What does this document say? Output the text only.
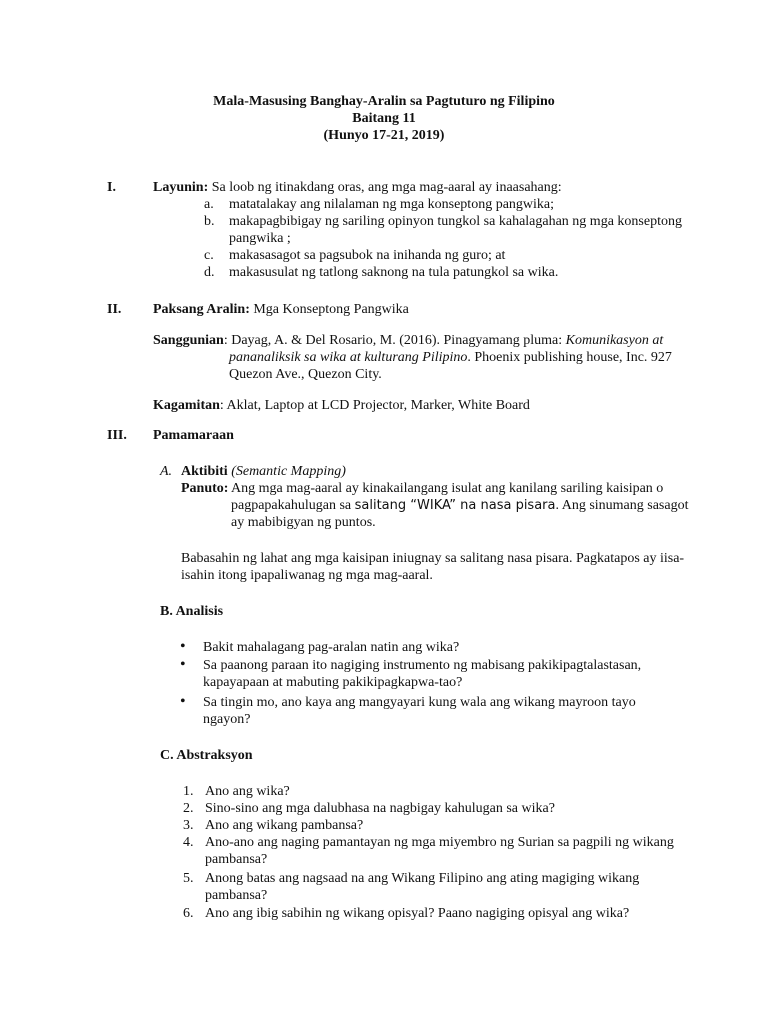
Mala-Masusing Banghay-Aralin sa Pagtuturo ng Filipino
Baitang 11
(Hunyo 17-21, 2019)
I.	Layunin: Sa loob ng itinakdang oras, ang mga mag-aaral ay inaasahang:
a. matatalakay ang nilalaman ng mga konseptong pangwika;
b. makapagbibigay ng sariling opinyon tungkol sa kahalagahan ng mga konseptong
pangwika ;
c. makasasagot sa pagsubok na inihanda ng guro; at
d. makasusulat ng tatlong saknong na tula patungkol sa wika.
II. Paksang Aralin: Mga Konseptong Pangwika
Sanggunian: Dayag, A. & Del Rosario, M. (2016). Pinagyamang pluma: Komunikasyon at
pananaliksik sa wika at kulturang Pilipino. Phoenix publishing house, Inc. 927
Quezon Ave., Quezon City.
Kagamitan: Aklat, Laptop at LCD Projector, Marker, White Board
III. Pamamaraan
A. Aktibiti (Semantic Mapping)
Panuto: Ang mga mag-aaral ay kinakailangang isulat ang kanilang sariling kaisipan o
pagpapakahulugan sa salitang “WIKA” na nasa pisara. Ang sinumang sasagot
ay mabibigyan ng puntos.
Babasahin ng lahat ang mga kaisipan iniugnay sa salitang nasa pisara. Pagkatapos ay iisa-
isahin itong ipapaliwanag ng mga mag-aaral.
B. Analisis
• Bakit mahalagang pag-aralan natin ang wika?
• Sa paanong paraan ito nagiging instrumento ng mabisang pakikipagtalastasan,
kapayapaan at mabuting pakikipagkapwa-tao?
• Sa tingin mo, ano kaya ang mangyayari kung wala ang wikang mayroon tayo
ngayon?
C. Abstraksyon
1. Ano ang wika?
2. Sino-sino ang mga dalubhasa na nagbigay kahulugan sa wika?
3. Ano ang wikang pambansa?
4. Ano-ano ang naging pamantayan ng mga miyembro ng Surian sa pagpili ng wikang
pambansa?
5. Anong batas ang nagsaad na ang Wikang Filipino ang ating magiging wikang
pambansa?
6. Ano ang ibig sabihin ng wikang opisyal? Paano nagiging opisyal ang wika?
